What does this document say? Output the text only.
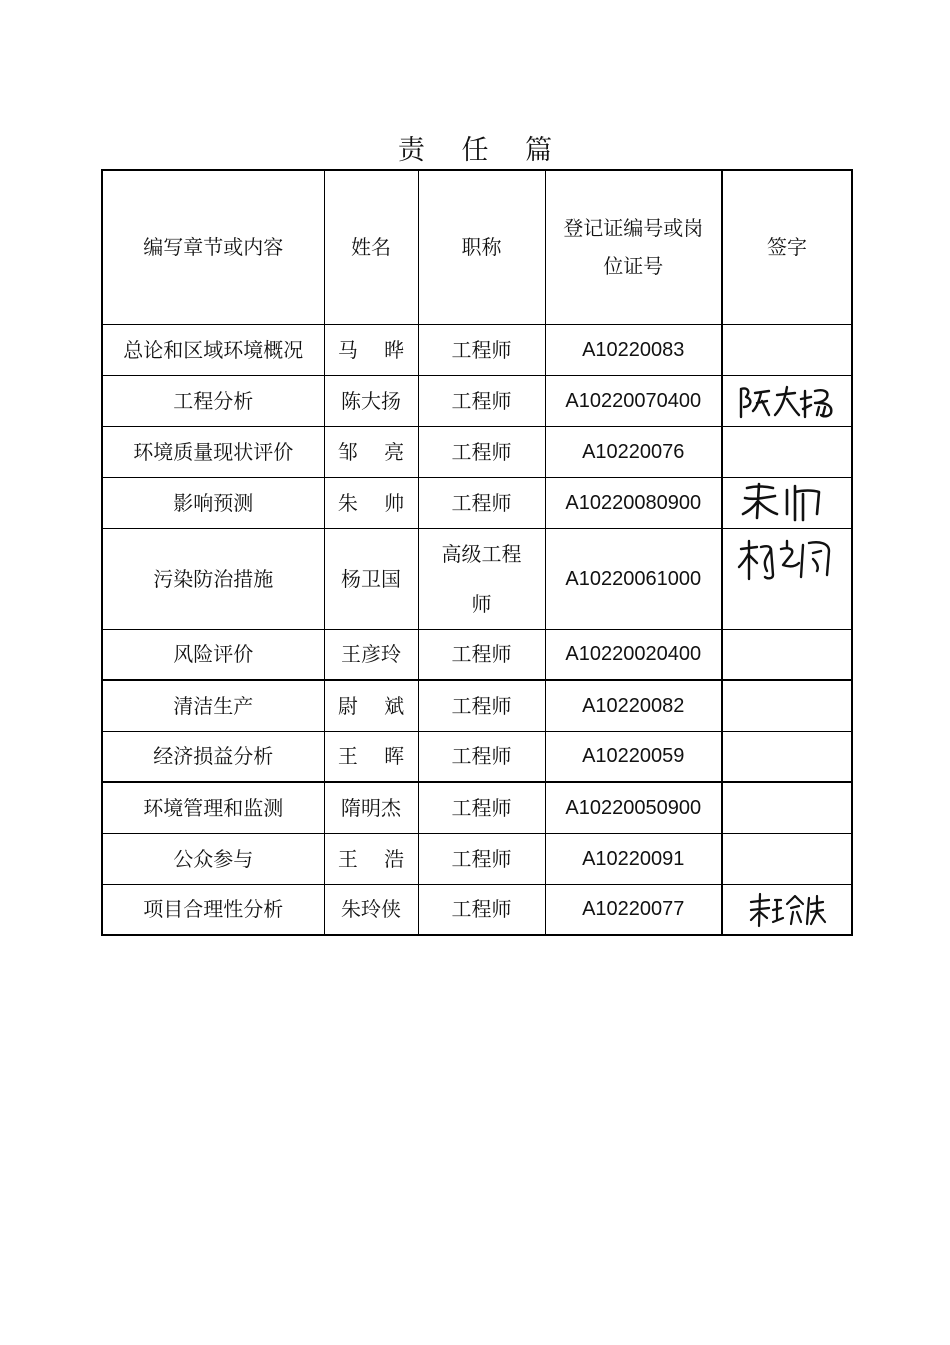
责 任 篇
编写章节或内容	姓名	职称	登记证编号或岗位证号	签字
总论和区域环境概况	马　 晔	工程师	A10220083	
工程分析	陈大扬	工程师	A10220070400	

环境质量现状评价	邹　 亮	工程师	A10220076	
影响预测	朱　 帅	工程师	A10220080900	

污染防治措施	杨卫国	高级工程师	A10220061000	

风险评价	王彦玲	工程师	A10220020400	
清洁生产	尉　 斌	工程师	A10220082	
经济损益分析	王　 晖	工程师	A10220059	
环境管理和监测	隋明杰	工程师	A10220050900	
公众参与	王　 浩	工程师	A10220091	
项目合理性分析	朱玲侠	工程师	A10220077	
